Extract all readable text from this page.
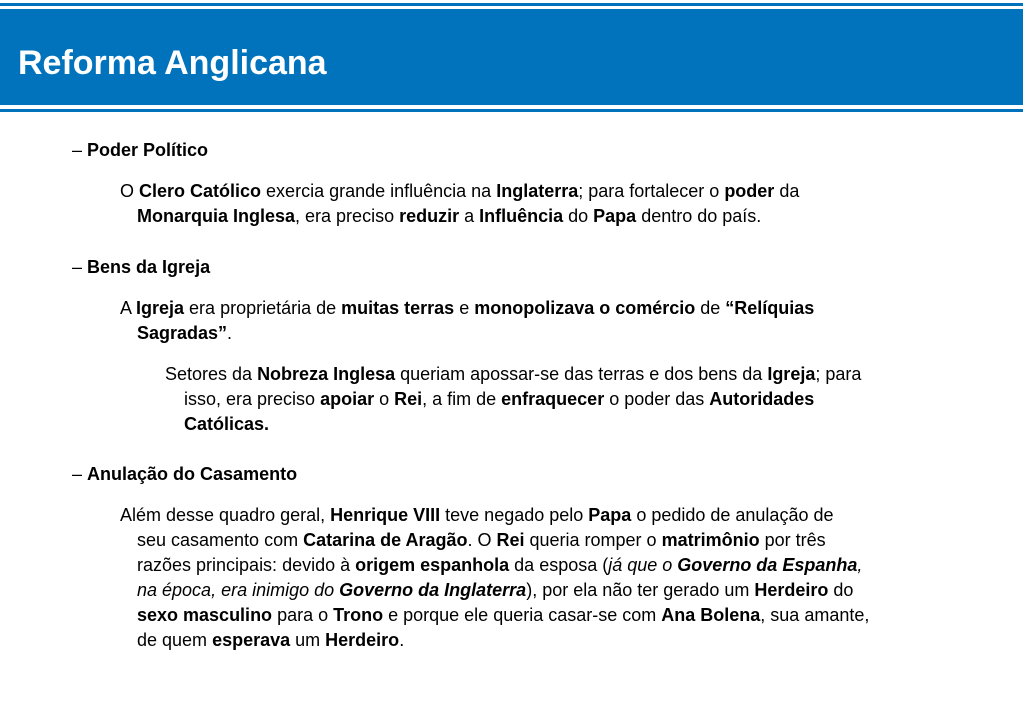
Reforma Anglicana
– Poder Político
O Clero Católico exercia grande influência na Inglaterra; para fortalecer o poder da
Monarquia Inglesa, era preciso reduzir a Influência do Papa dentro do país.
– Bens da Igreja
A Igreja era proprietária de muitas terras e monopolizava o comércio de “Relíquias
Sagradas”.
Setores da Nobreza Inglesa queriam apossar-se das terras e dos bens da Igreja; para
isso, era preciso apoiar o Rei, a fim de enfraquecer o poder das Autoridades
Católicas.
– Anulação do Casamento
Além desse quadro geral, Henrique VIII teve negado pelo Papa o pedido de anulação de
seu casamento com Catarina de Aragão. O Rei queria romper o matrimônio por três
razões principais: devido à origem espanhola da esposa (já que o Governo da Espanha,
na época, era inimigo do Governo da Inglaterra), por ela não ter gerado um Herdeiro do
sexo masculino para o Trono e porque ele queria casar-se com Ana Bolena, sua amante,
de quem esperava um Herdeiro.
